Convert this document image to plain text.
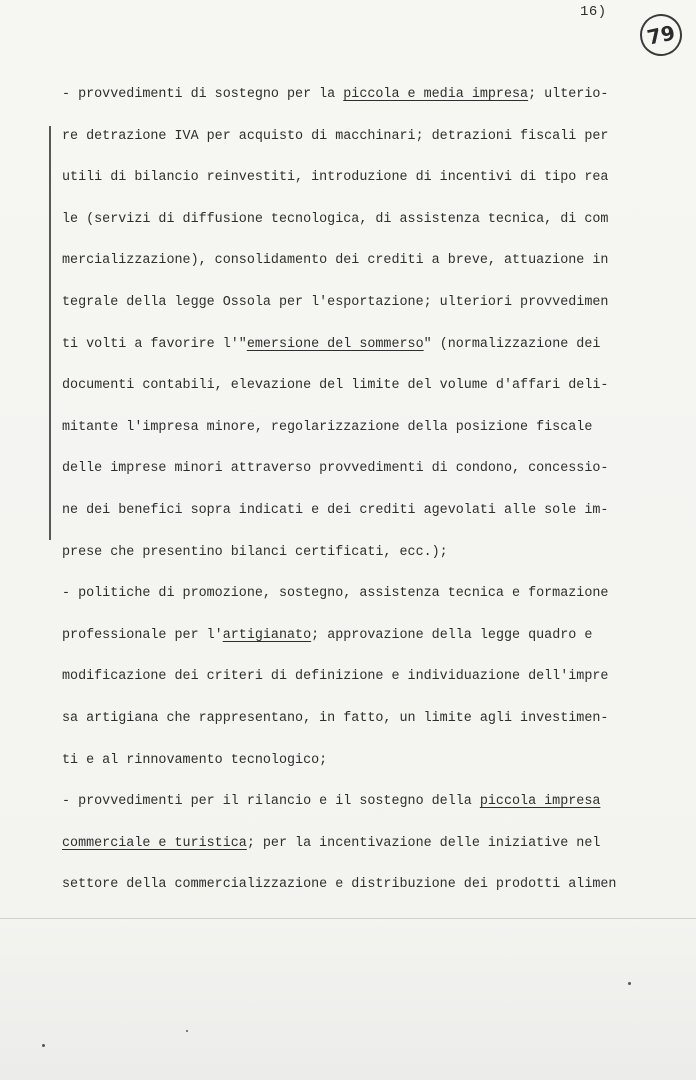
16)
79
- provvedimenti di sostegno per la piccola e media impresa; ulterio-
re detrazione IVA per acquisto di macchinari; detrazioni fiscali per
utili di bilancio reinvestiti, introduzione di incentivi di tipo rea
le (servizi di diffusione tecnologica, di assistenza tecnica, di com
mercializzazione), consolidamento dei crediti a breve, attuazione in
tegrale della legge Ossola per l'esportazione; ulteriori provvedimen
ti volti a favorire l'"emersione del sommerso" (normalizzazione dei
documenti contabili, elevazione del limite del volume d'affari deli-
mitante l'impresa minore, regolarizzazione della posizione fiscale
delle imprese minori attraverso provvedimenti di condono, concessio-
ne dei benefici sopra indicati e dei crediti agevolati alle sole im-
prese che presentino bilanci certificati, ecc.);
- politiche di promozione, sostegno, assistenza tecnica e formazione
professionale per l'artigianato; approvazione della legge quadro e
modificazione dei criteri di definizione e individuazione dell'impre
sa artigiana che rappresentano, in fatto, un limite agli investimen-
ti e al rinnovamento tecnologico;
- provvedimenti per il rilancio e il sostegno della piccola impresa
commerciale e turistica; per la incentivazione delle iniziative nel
settore della commercializzazione e distribuzione dei prodotti alimen
